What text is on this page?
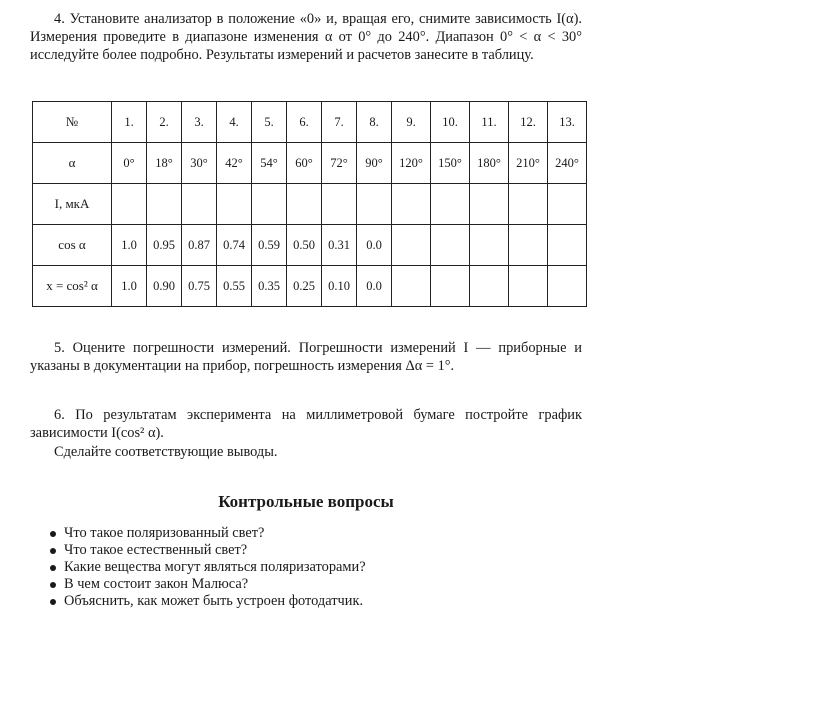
4. Установите анализатор в положение «0» и, вращая его, снимите зависимость I(α). Измерения проведите в диапазоне изменения α от 0° до 240°. Диапазон 0° < α < 30° исследуйте более подробно. Результаты измерений и расчетов занесите в таблицу.

№	1.	2.	3.	4.	5.	6.	7.	8.	9.	10.	11.	12.	13.
α	0°	18°	30°	42°	54°	60°	72°	90°	120°	150°	180°	210°	240°
I, мкА													
cos α	1.0	0.95	0.87	0.74	0.59	0.50	0.31	0.0					
x = cos² α	1.0	0.90	0.75	0.55	0.35	0.25	0.10	0.0					

5. Оцените погрешности измерений. Погрешности измерений I — приборные и указаны в документации на прибор, погрешность измерения Δα = 1°.

6. По результатам эксперимента на миллиметровой бумаге постройте график зависимости I(cos² α).

Сделайте соответствующие выводы.

Контрольные вопросы
Что такое поляризованный свет?
Что такое естественный свет?
Какие вещества могут являться поляризаторами?
В чем состоит закон Малюса?
Объяснить, как может быть устроен фотодатчик.
